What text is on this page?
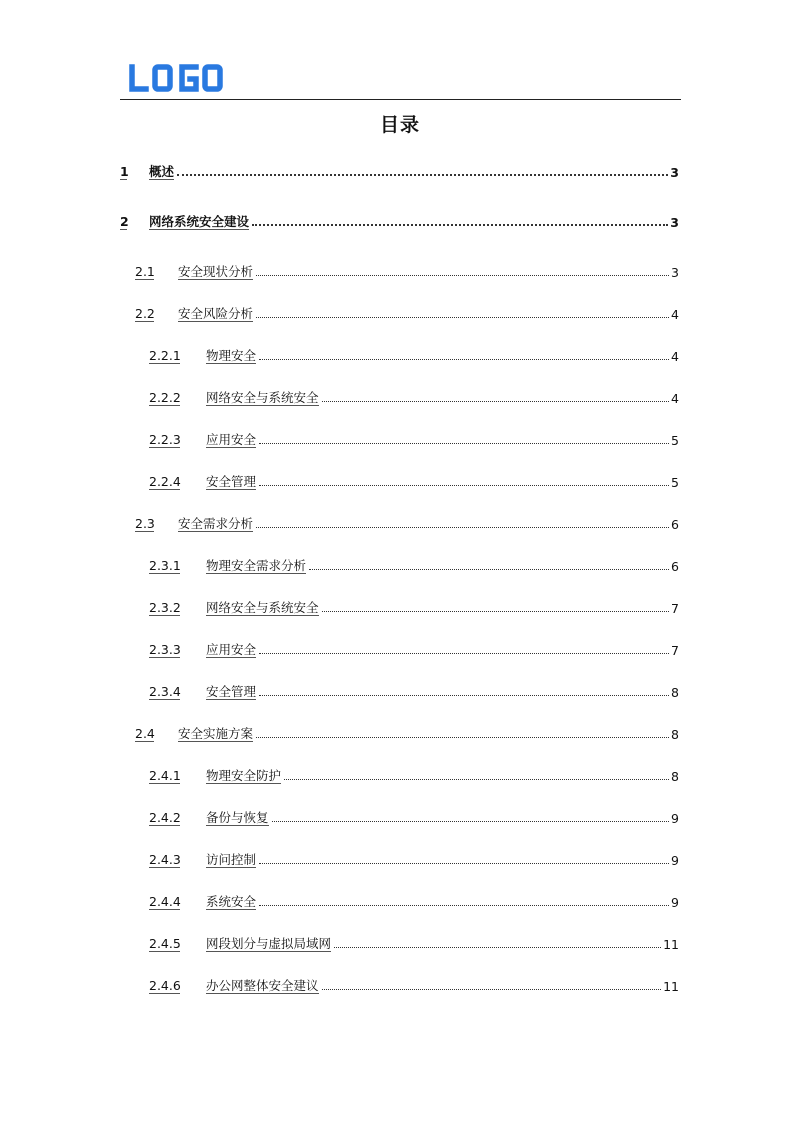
目录
1 概述	3
2 网络系统安全建设	3
2.1 安全现状分析	3
2.2 安全风险分析	4
2.2.1 物理安全	4
2.2.2 网络安全与系统安全	4
2.2.3 应用安全	5
2.2.4 安全管理	5
2.3 安全需求分析	6
2.3.1 物理安全需求分析	6
2.3.2 网络安全与系统安全	7
2.3.3 应用安全	7
2.3.4 安全管理	8
2.4 安全实施方案	8
2.4.1 物理安全防护	8
2.4.2 备份与恢复	9
2.4.3 访问控制	9
2.4.4 系统安全	9
2.4.5 网段划分与虚拟局域网	11
2.4.6 办公网整体安全建议	11
